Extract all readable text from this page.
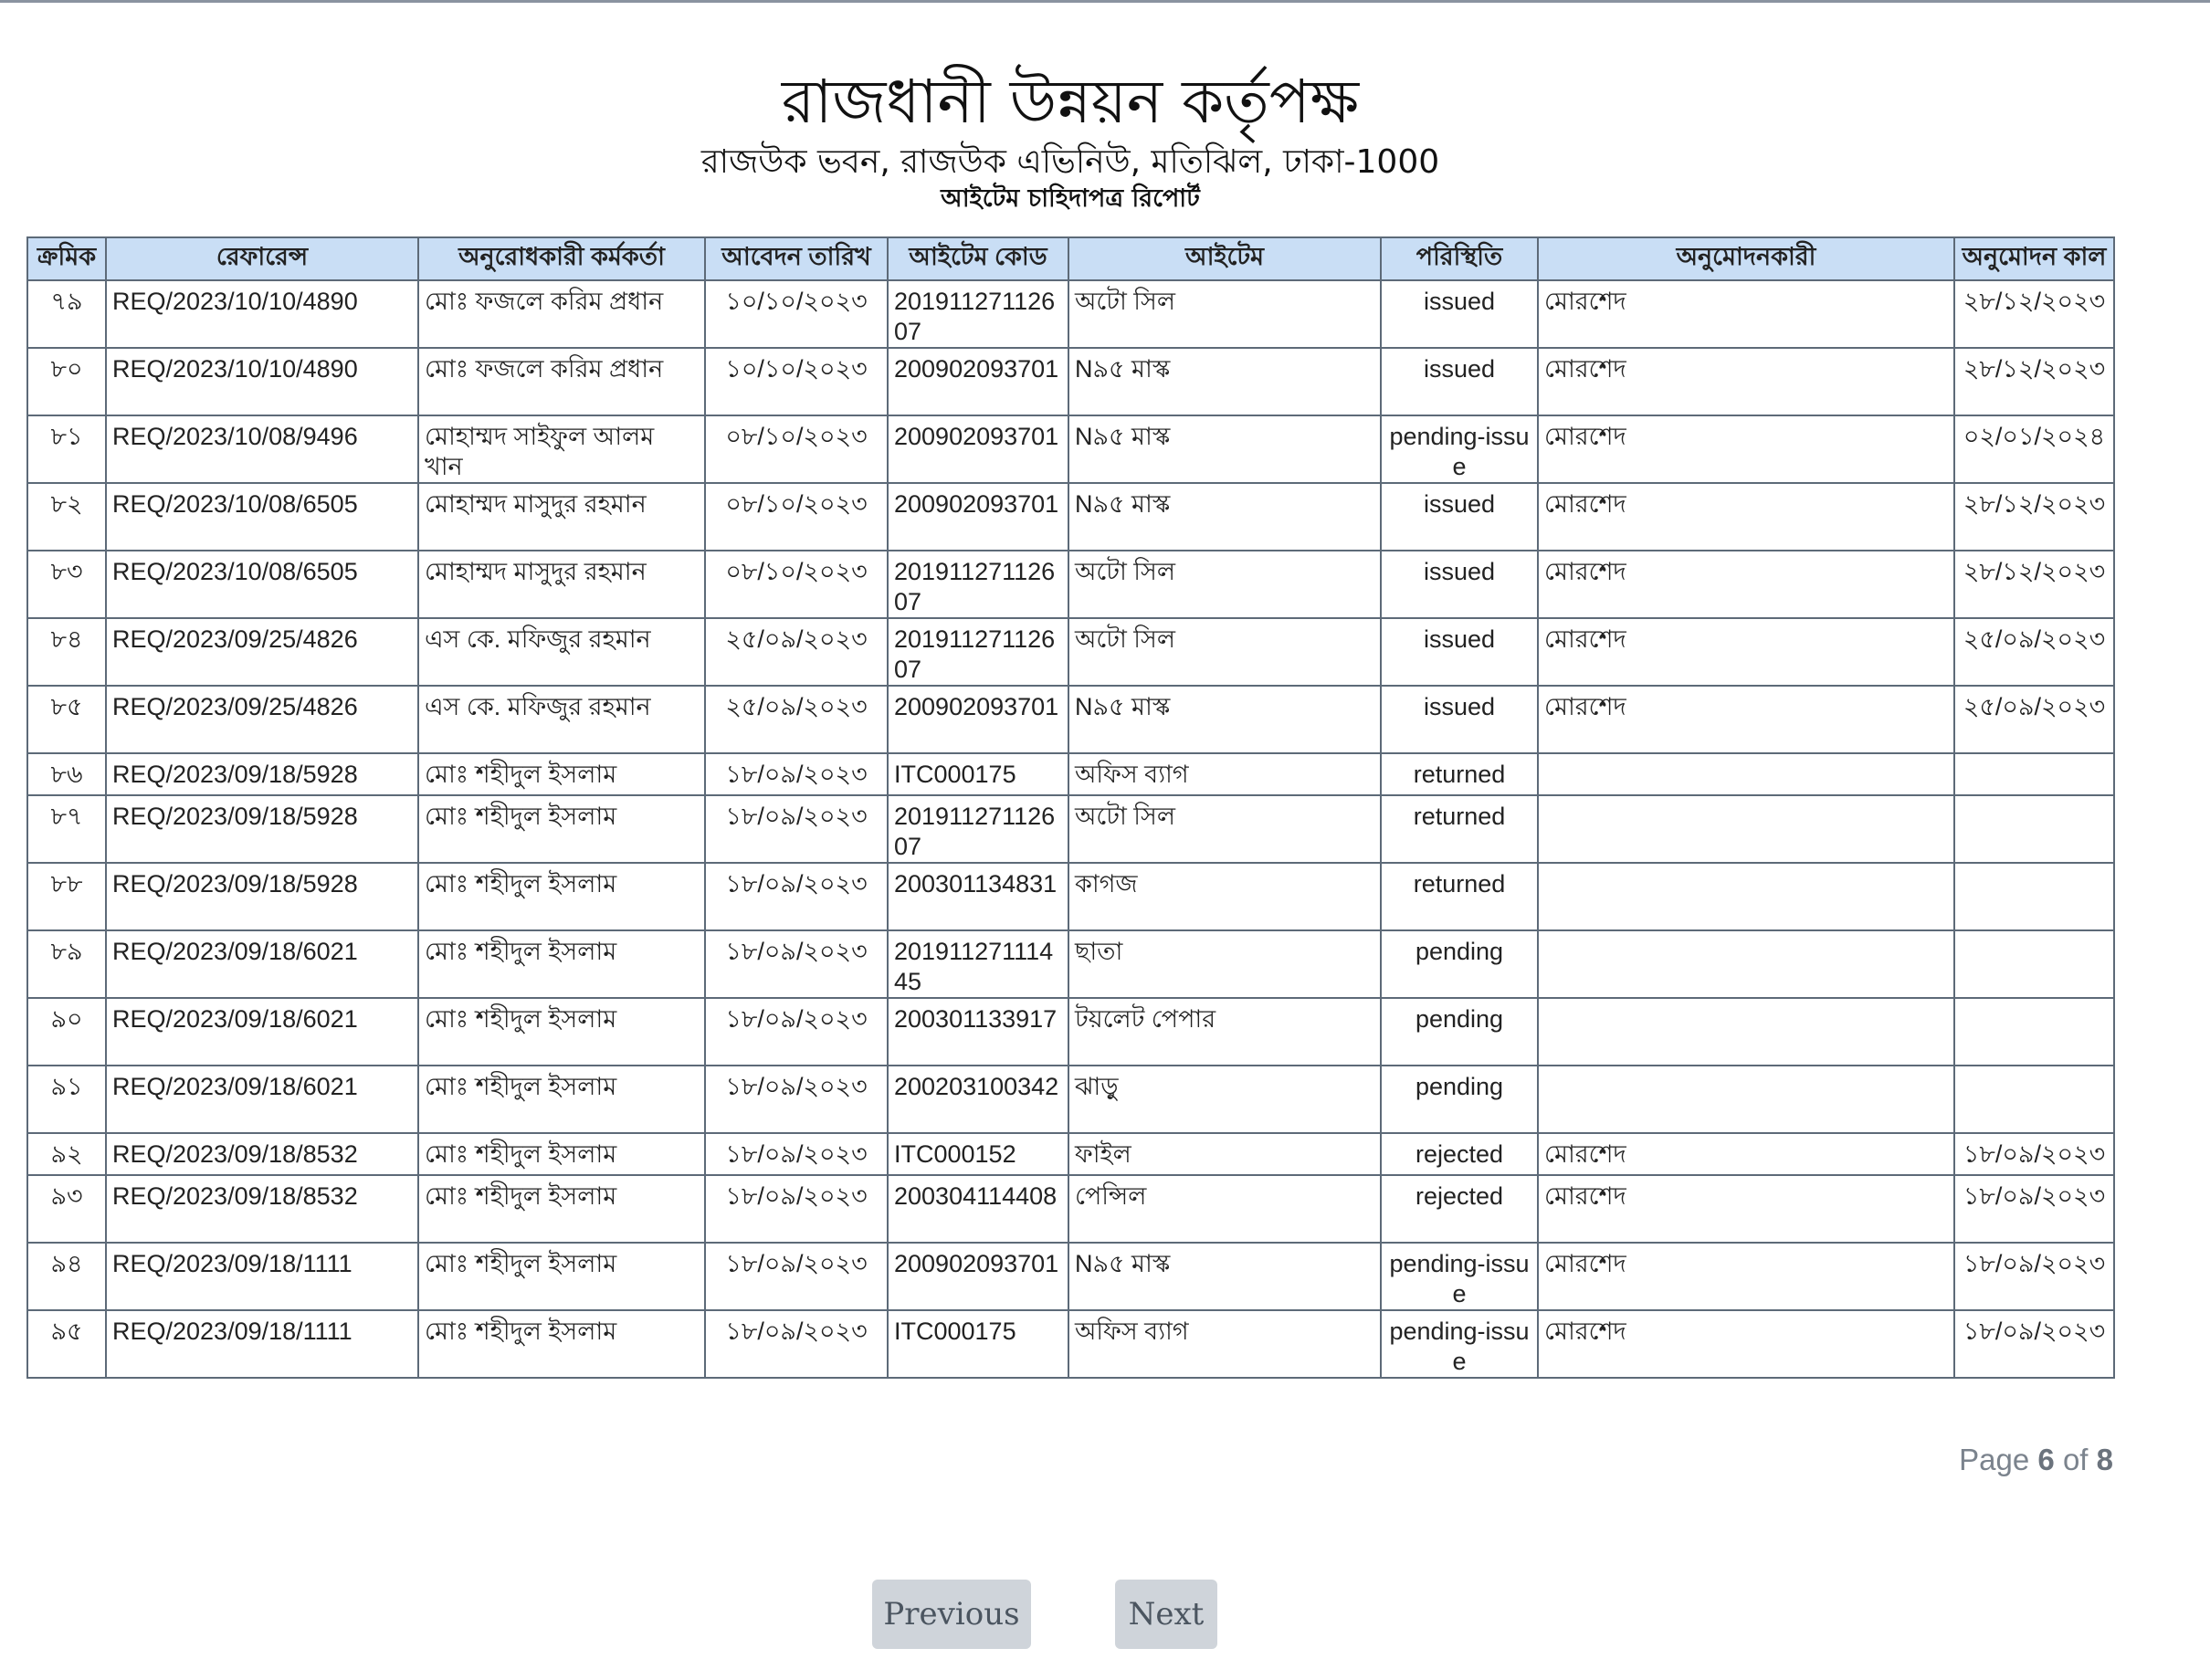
রাজধানী উন্নয়ন কর্তৃপক্ষ
রাজউক ভবন, রাজউক এভিনিউ, মতিঝিল, ঢাকা-1000
আইটেম চাহিদাপত্র রিপোর্ট
ক্রমিক	রেফারেন্স	অনুরোধকারী কর্মকর্তা	আবেদন তারিখ	আইটেম কোড	আইটেম	পরিস্থিতি	অনুমোদনকারী	অনুমোদন কাল
৭৯	REQ/2023/10/10/4890	মোঃ ফজলে করিম প্রধান	১০/১০/২০২৩	20191127112607	অটো সিল	issued	মোরশেদ	২৮/১২/২০২৩
৮০	REQ/2023/10/10/4890	মোঃ ফজলে করিম প্রধান	১০/১০/২০২৩	200902093701	N৯৫ মাস্ক	issued	মোরশেদ	২৮/১২/২০২৩
৮১	REQ/2023/10/08/9496	মোহাম্মদ সাইফুল আলম খান	০৮/১০/২০২৩	200902093701	N৯৫ মাস্ক	pending-issue	মোরশেদ	০২/০১/২০২৪
৮২	REQ/2023/10/08/6505	মোহাম্মদ মাসুদুর রহমান	০৮/১০/২০২৩	200902093701	N৯৫ মাস্ক	issued	মোরশেদ	২৮/১২/২০২৩
৮৩	REQ/2023/10/08/6505	মোহাম্মদ মাসুদুর রহমান	০৮/১০/২০২৩	20191127112607	অটো সিল	issued	মোরশেদ	২৮/১২/২০২৩
৮৪	REQ/2023/09/25/4826	এস কে. মফিজুর রহমান	২৫/০৯/২০২৩	20191127112607	অটো সিল	issued	মোরশেদ	২৫/০৯/২০২৩
৮৫	REQ/2023/09/25/4826	এস কে. মফিজুর রহমান	২৫/০৯/২০২৩	200902093701	N৯৫ মাস্ক	issued	মোরশেদ	২৫/০৯/২০২৩
৮৬	REQ/2023/09/18/5928	মোঃ শহীদুল ইসলাম	১৮/০৯/২০২৩	ITC000175	অফিস ব্যাগ	returned		
৮৭	REQ/2023/09/18/5928	মোঃ শহীদুল ইসলাম	১৮/০৯/২০২৩	20191127112607	অটো সিল	returned		
৮৮	REQ/2023/09/18/5928	মোঃ শহীদুল ইসলাম	১৮/০৯/২০২৩	200301134831	কাগজ	returned		
৮৯	REQ/2023/09/18/6021	মোঃ শহীদুল ইসলাম	১৮/০৯/২০২৩	20191127111445	ছাতা	pending		
৯০	REQ/2023/09/18/6021	মোঃ শহীদুল ইসলাম	১৮/০৯/২০২৩	200301133917	টয়লেট পেপার	pending		
৯১	REQ/2023/09/18/6021	মোঃ শহীদুল ইসলাম	১৮/০৯/২০২৩	200203100342	ঝাড়ু	pending		
৯২	REQ/2023/09/18/8532	মোঃ শহীদুল ইসলাম	১৮/০৯/২০২৩	ITC000152	ফাইল	rejected	মোরশেদ	১৮/০৯/২০২৩
৯৩	REQ/2023/09/18/8532	মোঃ শহীদুল ইসলাম	১৮/০৯/২০২৩	200304114408	পেন্সিল	rejected	মোরশেদ	১৮/০৯/২০২৩
৯৪	REQ/2023/09/18/1111	মোঃ শহীদুল ইসলাম	১৮/০৯/২০২৩	200902093701	N৯৫ মাস্ক	pending-issue	মোরশেদ	১৮/০৯/২০২৩
৯৫	REQ/2023/09/18/1111	মোঃ শহীদুল ইসলাম	১৮/০৯/২০২৩	ITC000175	অফিস ব্যাগ	pending-issue	মোরশেদ	১৮/০৯/২০২৩
Page 6 of 8
Previous	Next
